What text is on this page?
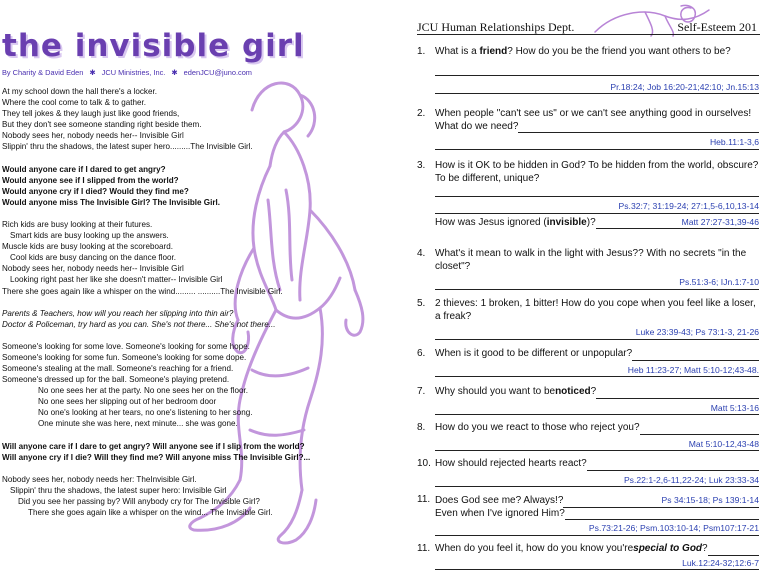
the invisible girl
By Charity & David Eden ✱ JCU Ministries, Inc. ✱ edenJCU@juno.com
At my school down the hall there's a locker.
Where the cool come to talk & to gather.
They tell jokes & they laugh just like good friends,
But they don't see someone standing right beside them.
Nobody sees her, nobody needs her-- Invisible Girl
Slippin' thru the shadows, the latest super hero.........The Invisible Girl.
Would anyone care if I dared to get angry?
Would anyone see if I slipped from the world?
Would anyone cry if I died? Would they find me?
Would anyone miss The Invisible Girl? The Invisible Girl.
Rich kids are busy looking at their futures.
Smart kids are busy looking up the answers.
Muscle kids are busy looking at the scoreboard.
Cool kids are busy dancing on the dance floor.
Nobody sees her, nobody needs her-- Invisible Girl
Looking right past her like she doesn't matter-- Invisible Girl
There she goes again like a whisper on the wind......... ..........The Invisible Girl.
Parents & Teachers, how will you reach her slipping into thin air?
Doctor & Policeman, try hard as you can. She's not there... She's not there...
Someone's looking for some love. Someone's looking for some hope.
Someone's looking for some fun. Someone's looking for some dope.
Someone's stealing at the mall. Someone's reaching for a friend.
Someone's dressed up for the ball. Someone's playing pretend.
No one sees her at the party. No one sees her on the floor.
No one sees her slipping out of her bedroom door
No one's looking at her tears, no one's listening to her song.
One minute she was here, next minute... she was gone.
Will anyone care if I dare to get angry? Will anyone see if I slip from the world?
Will anyone cry if I die? Will they find me? Will anyone miss The Invisible Girl?...
Nobody sees her, nobody needs her: TheInvisible Girl.
Slippin' thru the shadows, the latest super hero: Invisible Girl
Did you see her passing by? Will anybody cry for The Invisible Girl?
There she goes again like a whisper on the wind... The Invisible Girl.
JCU Human Relationships Dept.	Self-Esteem 201
1. What is a friend? How do you be the friend you want others to be?
Pr.18:24; Job 16:20-21;42:10; Jn.15:13
2. When people "can't see us" or we can't see anything good in ourselves!
What do we need?
Heb.11:1-3,6
3. How is it OK to be hidden in God? To be hidden from the world, obscure? To be different, unique?
Ps.32:7; 31:19-24; 27:1,5-6,10,13-14
How was Jesus ignored ( invisible )?	Matt 27:27-31,39-46
4. What's it mean to walk in the light with Jesus?? With no secrets "in the closet"?
Ps.51:3-6; IJn.1:7-10
5. 2 thieves: 1 broken, 1 bitter! How do you cope when you feel like a loser, a freak?
Luke 23:39-43; Ps 73:1-3, 21-26
6. When is it good to be different or unpopular?
Heb 11:23-27; Matt 5:10-12;43-48.
7. Why should you want to be noticed ?
Matt 5:13-16
8. How do you we react to those who reject you?
Mat 5:10-12,43-48
10. How should rejected hearts react?
Ps.22:1-2,6-11,22-24; Luk 23:33-34
11. Does God see me? Always!?	Ps 34:15-18; Ps 139:1-14
Even when I've ignored Him?
Ps.73:21-26; Psm.103:10-14; Psm107:17-21
11. When do you feel it, how do you know you're special to God ?
Luk.12:24-32;12:6-7
